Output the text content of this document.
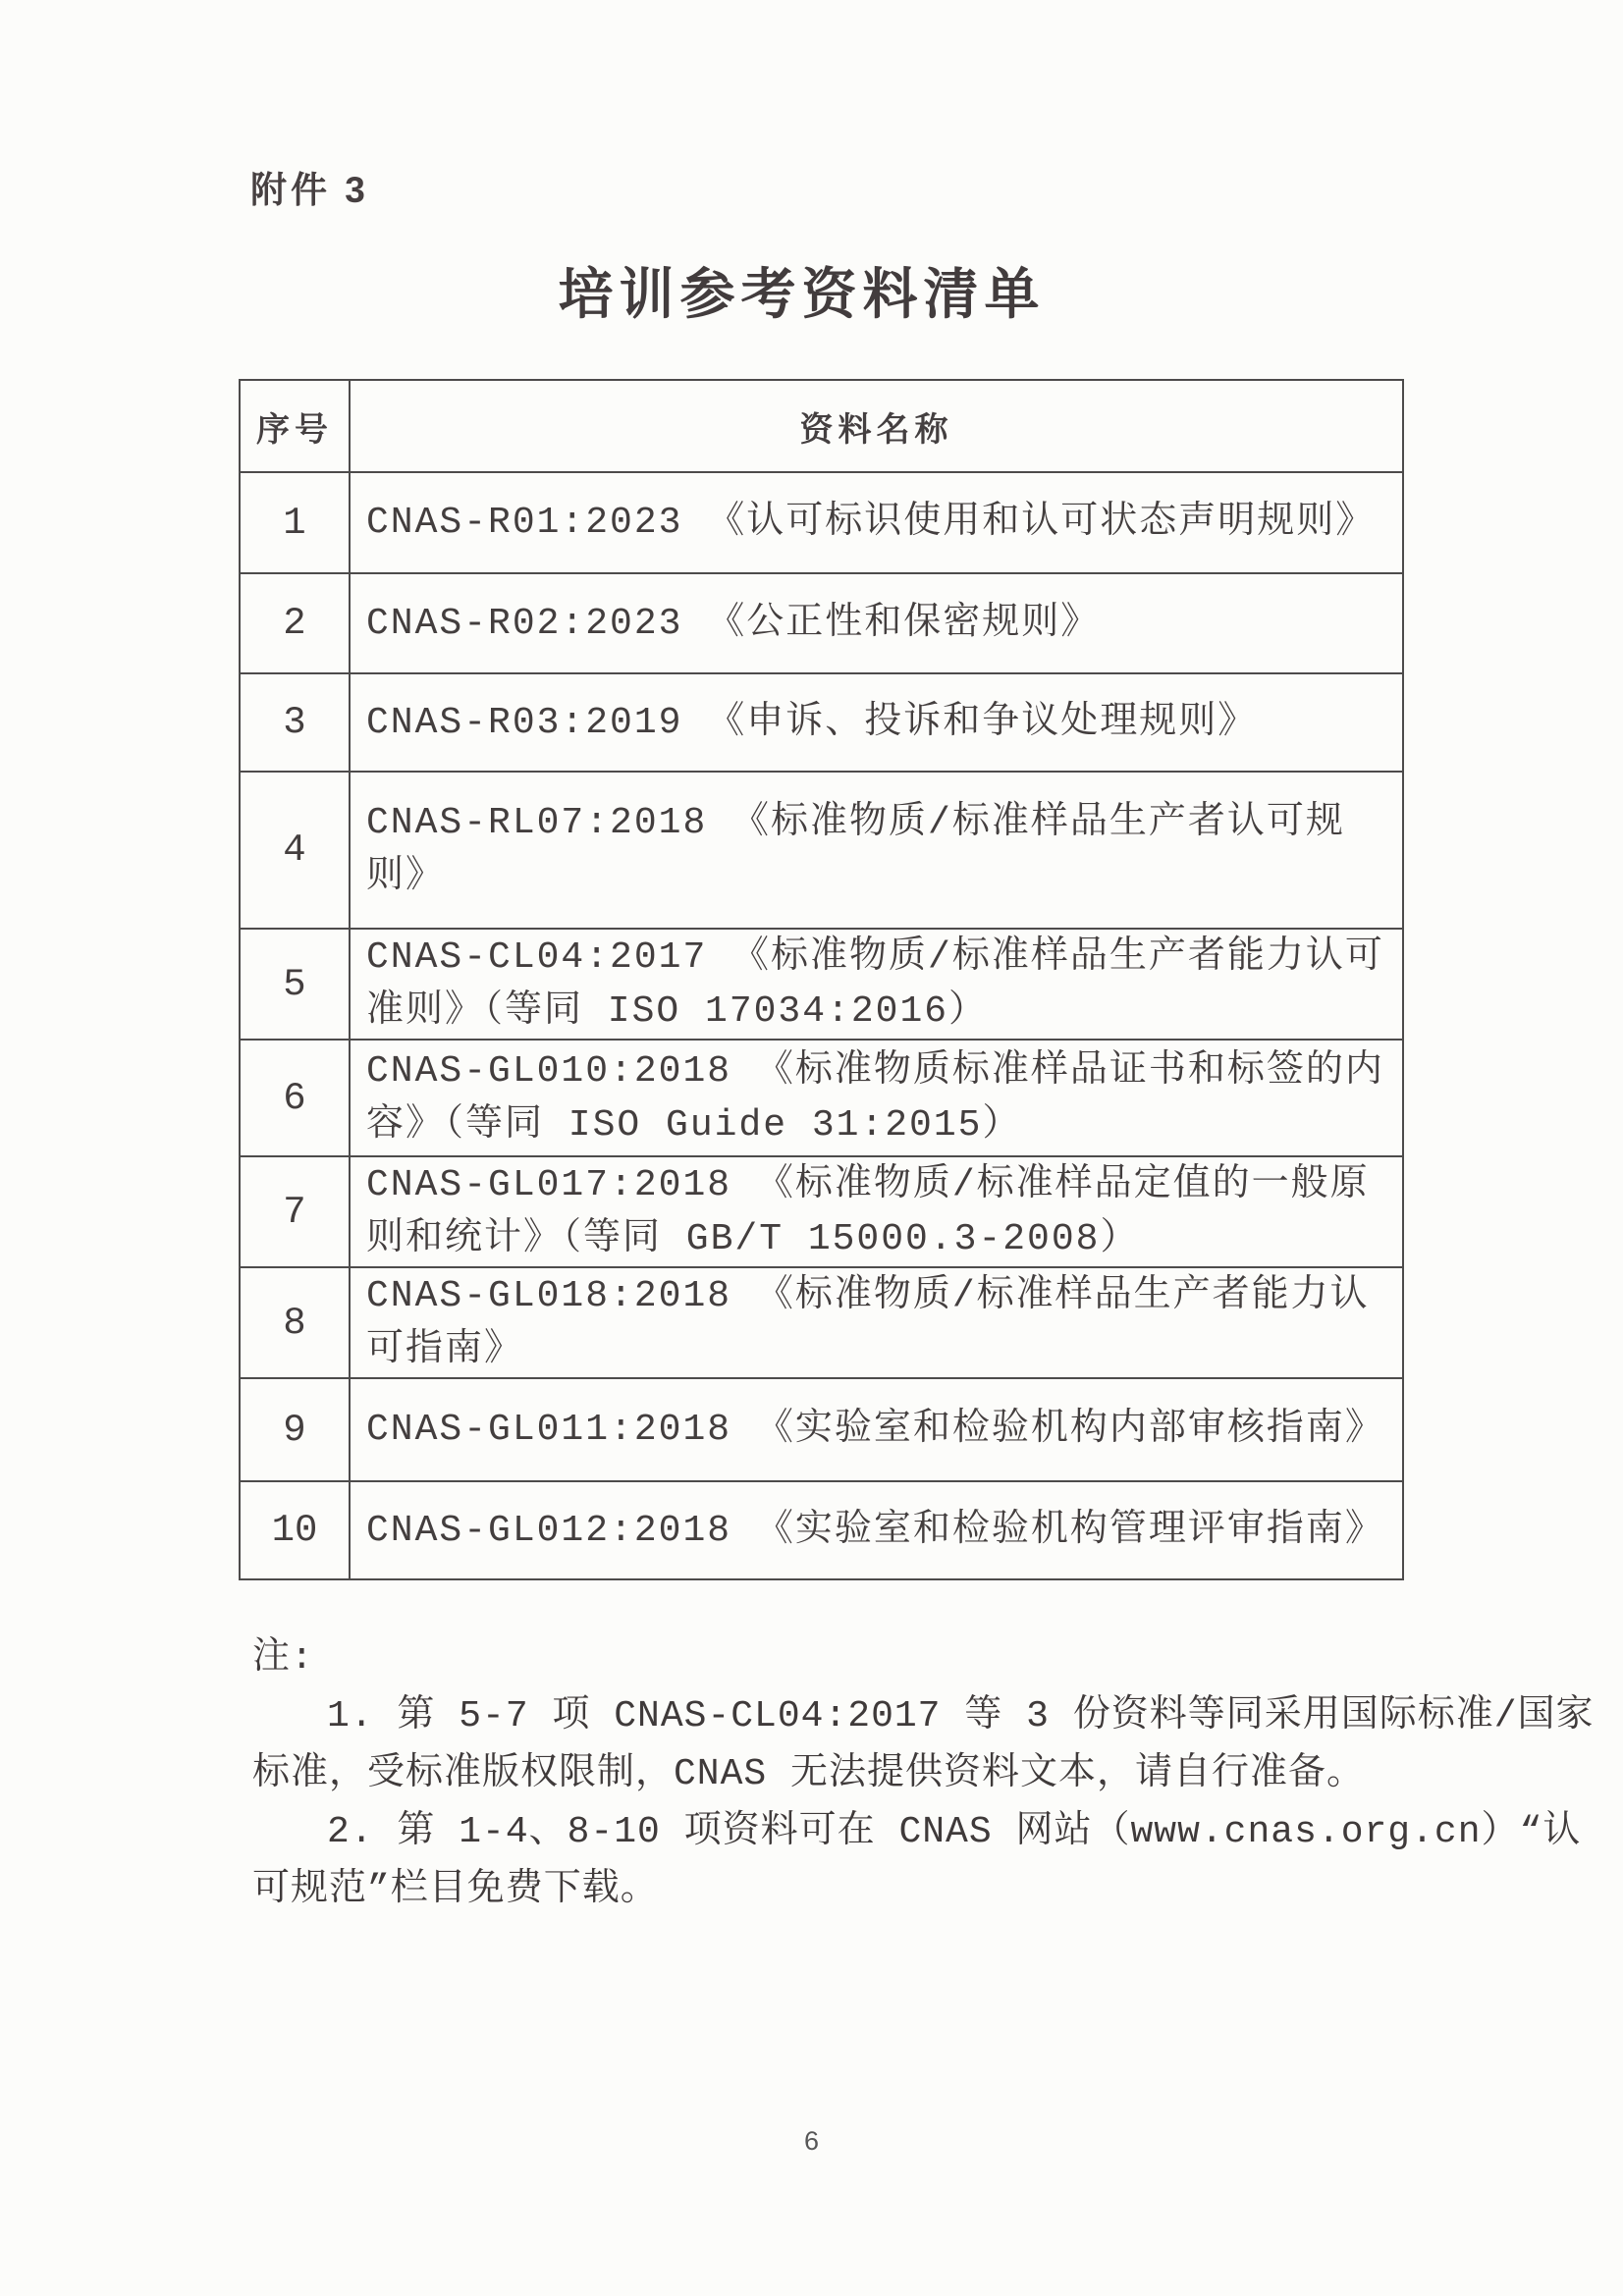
附件 3
培训参考资料清单
序号	资料名称
1	CNAS-R01:2023 《认可标识使用和认可状态声明规则》

2	CNAS-R02:2023 《公正性和保密规则》

3	CNAS-R03:2019 《申诉、投诉和争议处理规则》

4	CNAS-RL07:2018 《标准物质/标准样品生产者认可规
则》

5	CNAS-CL04:2017 《标准物质/标准样品生产者能力认可
准则》（等同 ISO 17034:2016）

6	CNAS-GL010:2018 《标准物质标准样品证书和标签的内
容》（等同 ISO Guide 31:2015）

7	CNAS-GL017:2018 《标准物质/标准样品定值的一般原
则和统计》（等同 GB/T 15000.3-2008）

8	CNAS-GL018:2018 《标准物质/标准样品生产者能力认
可指南》

9	CNAS-GL011:2018 《实验室和检验机构内部审核指南》

10	CNAS-GL012:2018 《实验室和检验机构管理评审指南》
注:
1. 第 5-7 项 CNAS-CL04:2017 等 3 份资料等同采用国际标准/国家
标准，受标准版权限制，CNAS 无法提供资料文本，请自行准备。
2. 第 1-4、8-10 项资料可在 CNAS 网站（www.cnas.org.cn）“认
可规范”栏目免费下载。
6
